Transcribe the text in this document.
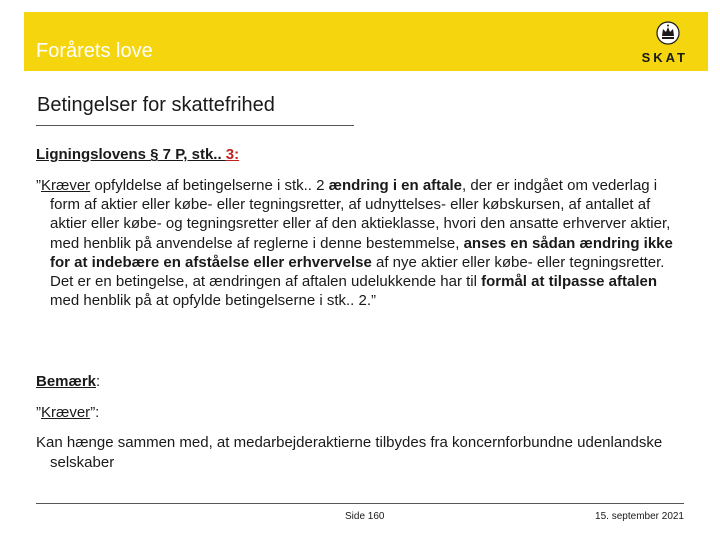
Forårets love	SKAT
Betingelser for skattefrihed
Ligningslovens § 7 P, stk.. 3:

”Kræver opfyldelse af betingelserne i stk.. 2 ændring i en aftale, der er indgået om vederlag i form af aktier eller købe- eller tegningsretter, af udnyttelses- eller købskursen, af antallet af aktier eller købe- og tegningsretter eller af den aktieklasse, hvori den ansatte erhverver aktier, med henblik på anvendelse af reglerne i denne bestemmelse, anses en sådan ændring ikke for at indebære en afståelse eller erhvervelse af nye aktier eller købe- eller tegningsretter. Det er en betingelse, at ændringen af aftalen udelukkende har til formål at tilpasse aftalen med henblik på at opfylde betingelserne i stk.. 2.”

Bemærk:
”Kræver”:

Kan hænge sammen med, at medarbejderaktierne tilbydes fra koncernforbundne udenlandske selskaber

Side 160	15. september 2021
